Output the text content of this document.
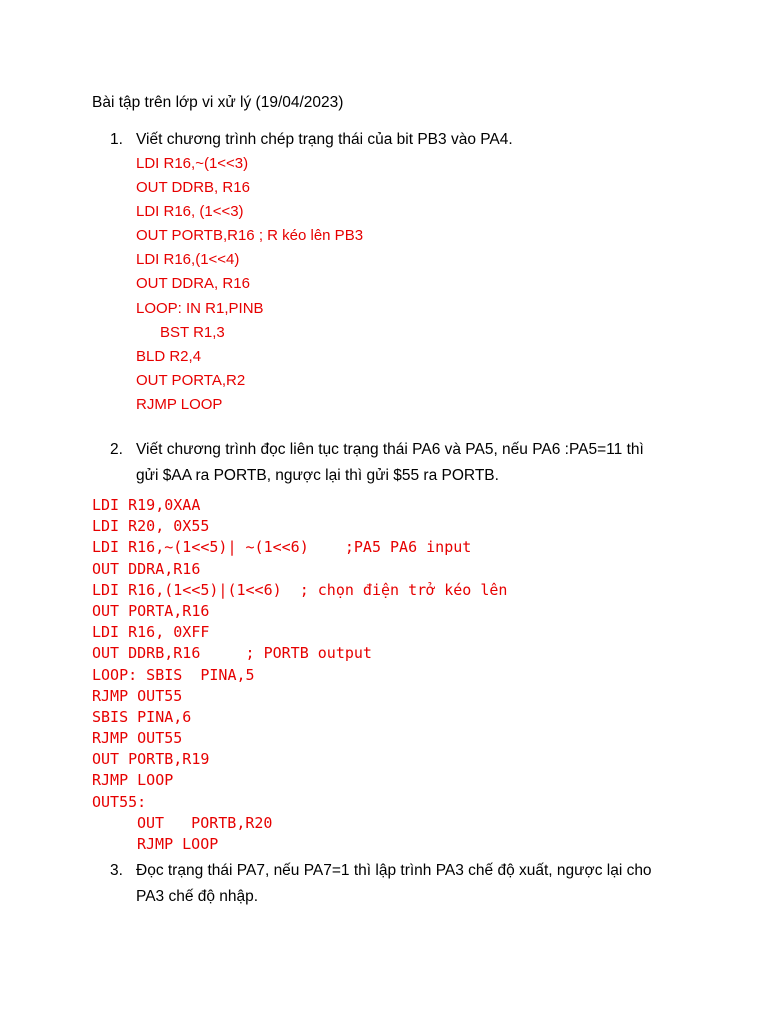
Bài tập trên lớp vi xử lý (19/04/2023)
1. Viết chương trình chép trạng thái của bit PB3 vào PA4.
LDI R16,~(1<<3)
OUT DDRB, R16
LDI R16, (1<<3)
OUT PORTB,R16 ; R kéo lên PB3
LDI R16,(1<<4)
OUT DDRA, R16
LOOP: IN R1,PINB
BST R1,3
BLD R2,4
OUT PORTA,R2
RJMP LOOP
2. Viết chương trình đọc liên tục trạng thái PA6 và PA5, nếu PA6 :PA5=11 thì
gửi $AA ra PORTB, ngược lại thì gửi $55 ra PORTB.
LDI R19,0XAA
LDI R20, 0X55
LDI R16,~(1<<5)| ~(1<<6)    ;PA5 PA6 input
OUT DDRA,R16
LDI R16,(1<<5)|(1<<6)  ; chọn điện trở kéo lên
OUT PORTA,R16
LDI R16, 0XFF
OUT DDRB,R16     ; PORTB output
LOOP: SBIS  PINA,5
RJMP OUT55
SBIS PINA,6
RJMP OUT55
OUT PORTB,R19
RJMP LOOP
OUT55:
OUT   PORTB,R20
RJMP LOOP
3. Đọc trạng thái PA7, nếu PA7=1 thì lập trình PA3 chế độ xuất, ngược lại cho
PA3 chế độ nhập.
